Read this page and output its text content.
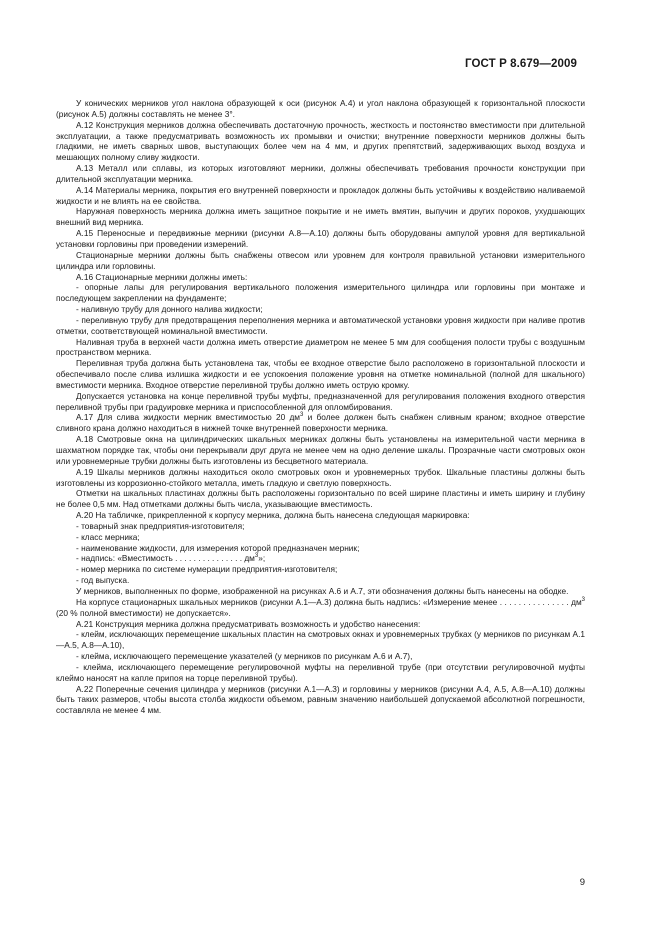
ГОСТ Р 8.679—2009

У конических мерников угол наклона образующей к оси (рисунок А.4) и угол наклона образующей к горизонтальной плоскости (рисунок А.5) должны составлять не менее 3°.

А.12 Конструкция мерников должна обеспечивать достаточную прочность, жесткость и постоянство вместимости при длительной эксплуатации, а также предусматривать возможность их промывки и очистки; внутренние поверхности мерников должны быть гладкими, не иметь сварных швов, выступающих более чем на 4 мм, и других препятствий, задерживающих выход воздуха и мешающих полному сливу жидкости.

А.13 Металл или сплавы, из которых изготовляют мерники, должны обеспечивать требования прочности конструкции при длительной эксплуатации мерника.

А.14 Материалы мерника, покрытия его внутренней поверхности и прокладок должны быть устойчивы к воздействию наливаемой жидкости и не влиять на ее свойства.

Наружная поверхность мерника должна иметь защитное покрытие и не иметь вмятин, выпучин и других пороков, ухудшающих внешний вид мерника.

А.15 Переносные и передвижные мерники (рисунки А.8—А.10) должны быть оборудованы ампулой уровня для вертикальной установки горловины при проведении измерений.

Стационарные мерники должны быть снабжены отвесом или уровнем для контроля правильной установки измерительного цилиндра или горловины.

А.16 Стационарные мерники должны иметь:

- опорные лапы для регулирования вертикального положения измерительного цилиндра или горловины при монтаже и последующем закреплении на фундаменте;

- наливную трубу для донного налива жидкости;

- переливную трубу для предотвращения переполнения мерника и автоматической установки уровня жидкости при наливе против отметки, соответствующей номинальной вместимости.

Наливная труба в верхней части должна иметь отверстие диаметром не менее 5 мм для сообщения полости трубы с воздушным пространством мерника.

Переливная труба должна быть установлена так, чтобы ее входное отверстие было расположено в горизонтальной плоскости и обеспечивало после слива излишка жидкости и ее успокоения положение уровня на отметке номинальной (полной для шкального) вместимости мерника. Входное отверстие переливной трубы должно иметь острую кромку.

Допускается установка на конце переливной трубы муфты, предназначенной для регулирования положения входного отверстия переливной трубы при градуировке мерника и приспособленной для опломбирования.

А.17 Для слива жидкости мерник вместимостью 20 $дм^3$ и более должен быть снабжен сливным краном; входное отверстие сливного крана должно находиться в нижней точке внутренней поверхности мерника.

А.18 Смотровые окна на цилиндрических шкальных мерниках должны быть установлены на измерительной части мерника в шахматном порядке так, чтобы они перекрывали друг друга не менее чем на одно деление шкалы. Прозрачные части смотровых окон или уровнемерные трубки должны быть изготовлены из бесцветного материала.

А.19 Шкалы мерников должны находиться около смотровых окон и уровнемерных трубок. Шкальные пластины должны быть изготовлены из коррозионно-стойкого металла, иметь гладкую и светлую поверхность.

Отметки на шкальных пластинах должны быть расположены горизонтально по всей ширине пластины и иметь ширину и глубину не более 0,5 мм. Над отметками должны быть числа, указывающие вместимость.

А.20 На табличке, прикрепленной к корпусу мерника, должна быть нанесена следующая маркировка:

- товарный знак предприятия-изготовителя;

- класс мерника;

- наименование жидкости, для измерения которой предназначен мерник;

- надпись: «Вместимость . . . . . . . . . . . . . . . $дм^3$»;

- номер мерника по системе нумерации предприятия-изготовителя;

- год выпуска.

У мерников, выполненных по форме, изображенной на рисунках А.6 и А.7, эти обозначения должны быть нанесены на ободке.

На корпусе стационарных шкальных мерников (рисунки А.1—А.3) должна быть надпись: «Измерение менее . . . . . . . . . . . . . . . $дм^3$ (20 % полной вместимости) не допускается».

А.21 Конструкция мерника должна предусматривать возможность и удобство нанесения:

- клейм, исключающих перемещение шкальных пластин на смотровых окнах и уровнемерных трубках (у мерников по рисункам А.1—А.5, А.8—А.10),

- клейма, исключающего перемещение указателей (у мерников по рисункам А.6 и А.7),

- клейма, исключающего перемещение регулировочной муфты на переливной трубе (при отсутствии регулировочной муфты клеймо наносят на капле припоя на торце переливной трубы).

А.22 Поперечные сечения цилиндра у мерников (рисунки А.1—А.3) и горловины у мерников (рисунки А.4, А.5, А.8—А.10) должны быть таких размеров, чтобы высота столба жидкости объемом, равным значению наибольшей допускаемой абсолютной погрешности, составляла не менее 4 мм.

9
